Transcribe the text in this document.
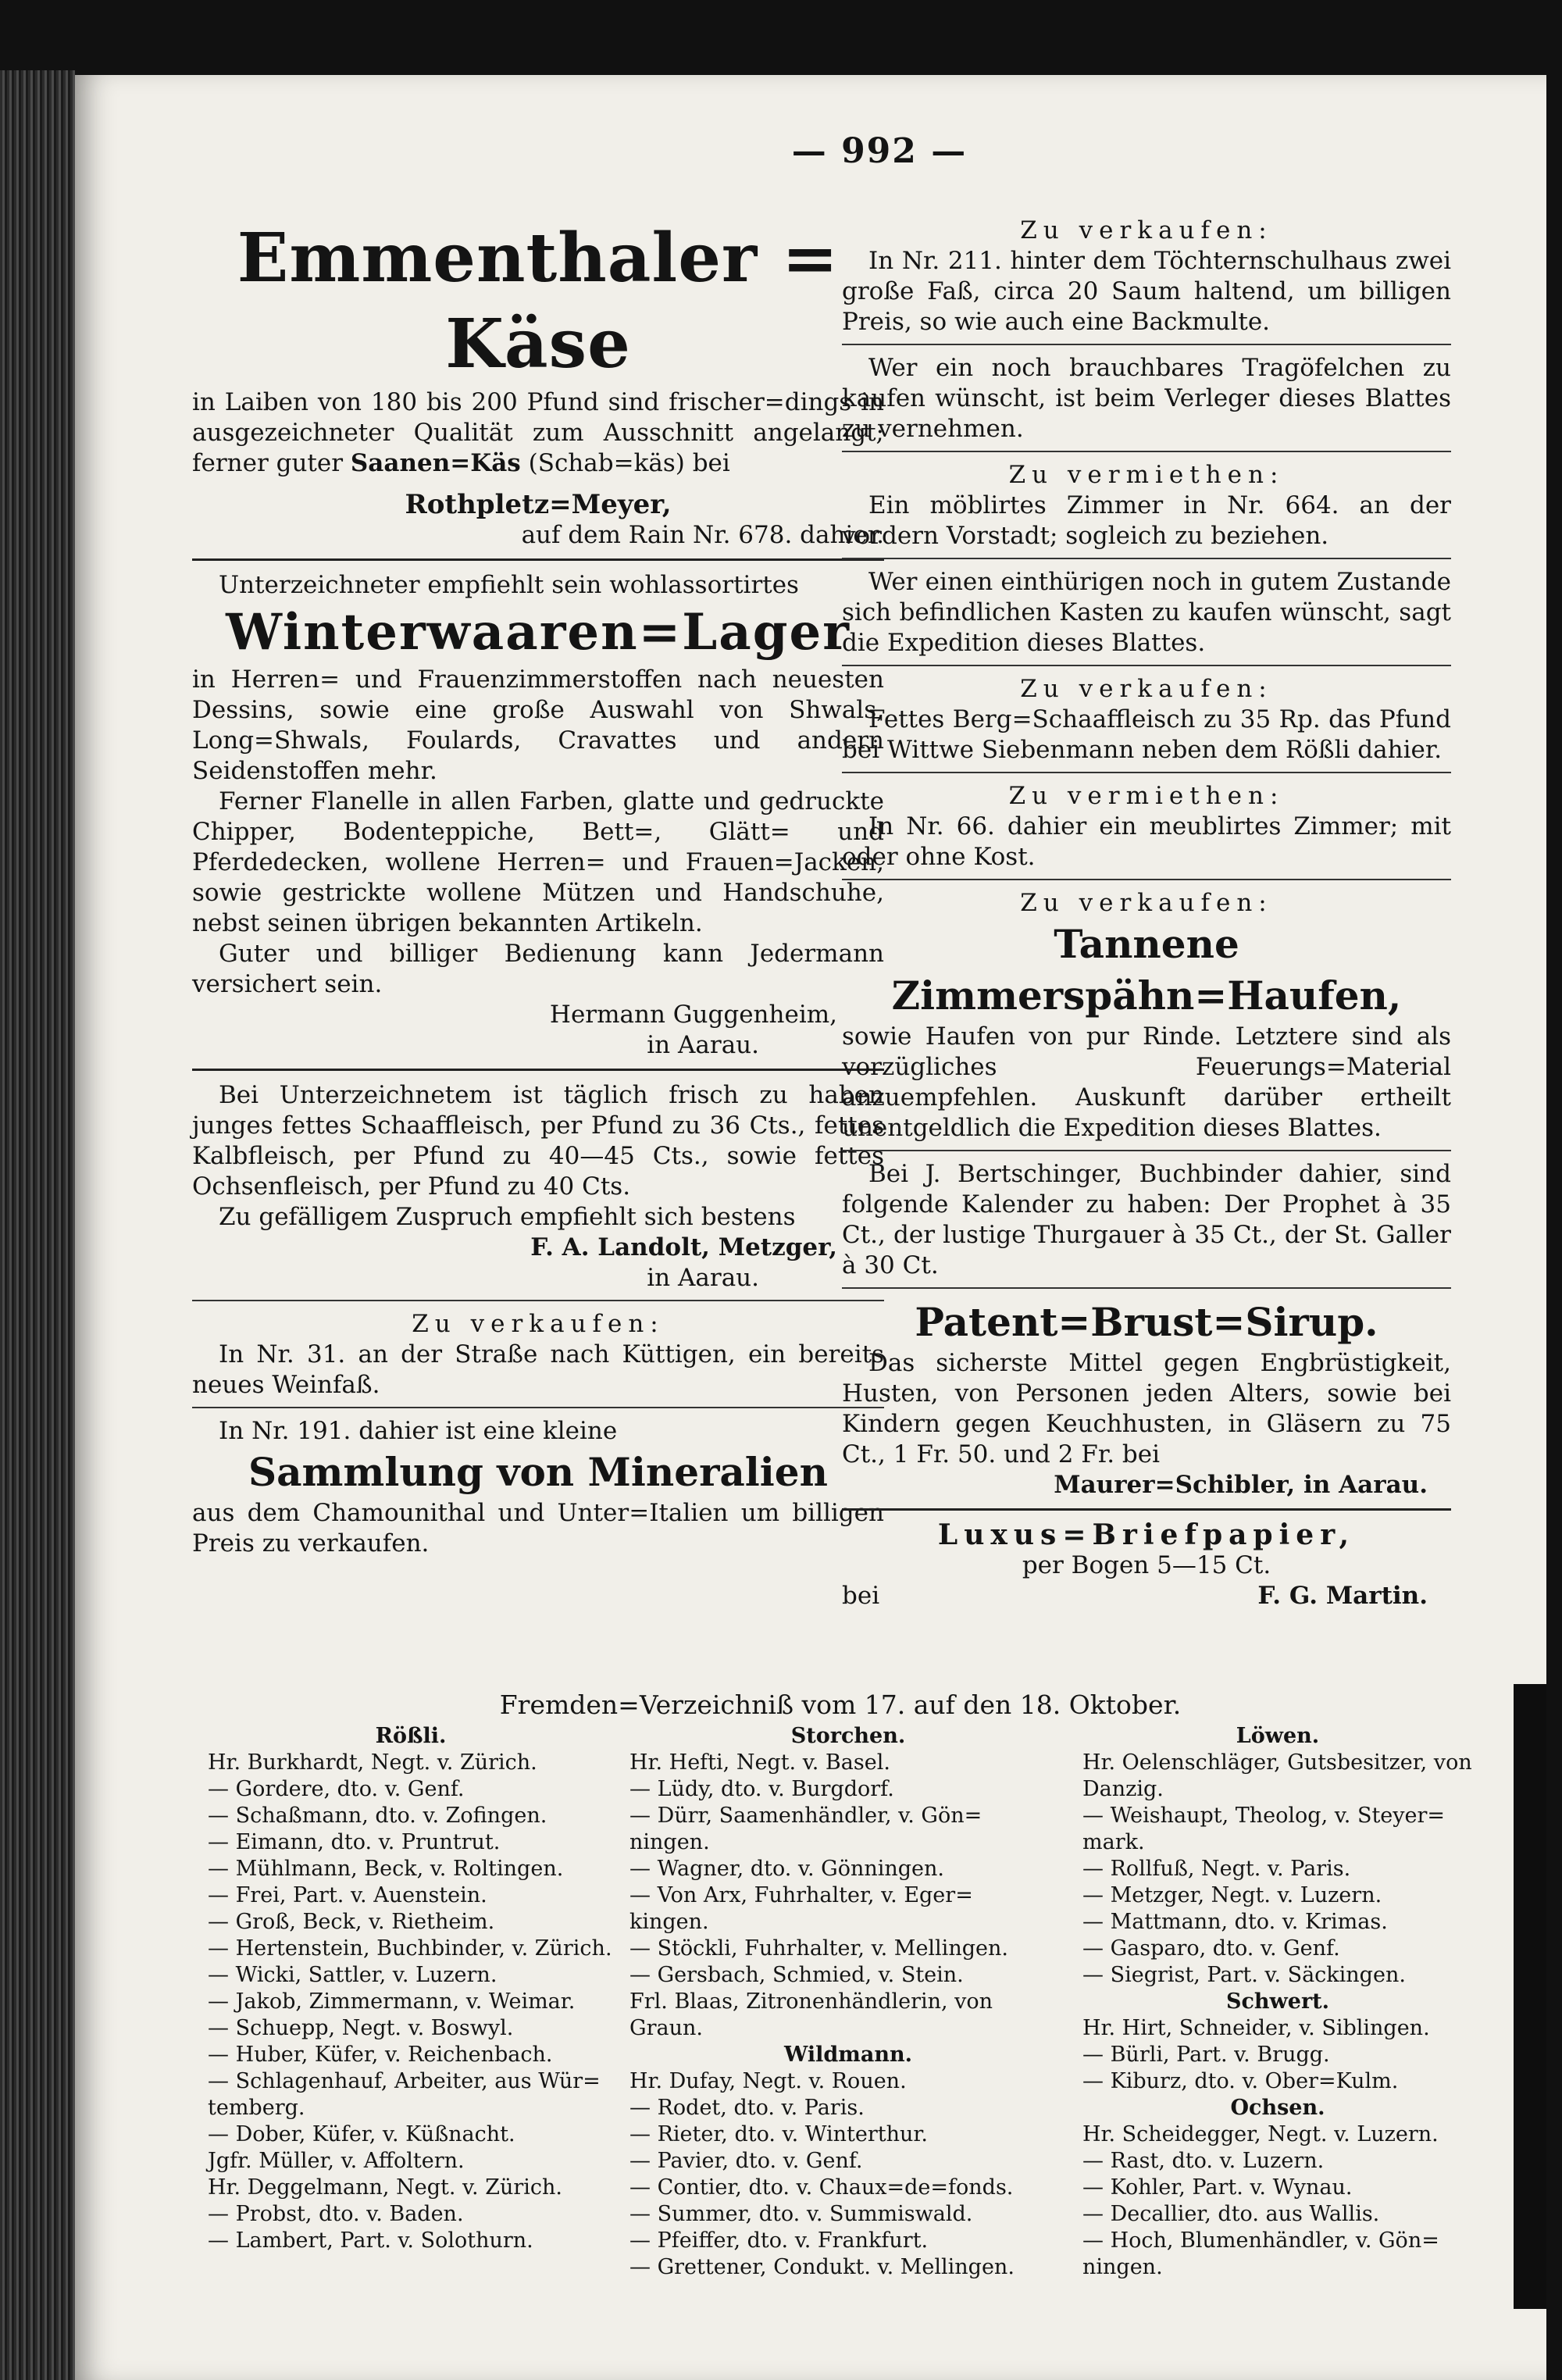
— 992 —
Emmenthaler = Käse

in Laiben von 180 bis 200 Pfund sind frischer=dings in ausgezeichneter Qualität zum Ausschnitt angelangt; ferner guter Saanen=Käs (Schab=käs) bei

Rothpletz=Meyer,
auf dem Rain Nr. 678. dahier.
Unterzeichneter empfiehlt sein wohlassortirtes
Winterwaaren=Lager

in Herren= und Frauenzimmerstoffen nach neuesten Dessins, sowie eine große Auswahl von Shwals, Long=Shwals, Foulards, Cravattes und andern Seidenstoffen mehr.

Ferner Flanelle in allen Farben, glatte und gedruckte Chipper, Bodenteppiche, Bett=, Glätt= und Pferdedecken, wollene Herren= und Frauen=Jacken, sowie gestrickte wollene Mützen und Handschuhe, nebst seinen übrigen bekannten Artikeln.

Guter und billiger Bedienung kann Jedermann versichert sein.

Hermann Guggenheim,
in Aarau.

Bei Unterzeichnetem ist täglich frisch zu haben junges fettes Schaaffleisch, per Pfund zu 36 Cts., fettes Kalbfleisch, per Pfund zu 40—45 Cts., sowie fettes Ochsenfleisch, per Pfund zu 40 Cts.

Zu gefälligem Zuspruch empfiehlt sich bestens

F. A. Landolt, Metzger,
in Aarau.
Zu verkaufen:

In Nr. 31. an der Straße nach Küttigen, ein bereits neues Weinfaß.

In Nr. 191. dahier ist eine kleine
Sammlung von Mineralien

aus dem Chamounithal und Unter=Italien um billigen Preis zu verkaufen.

Zu verkaufen:

In Nr. 211. hinter dem Töchternschulhaus zwei große Faß, circa 20 Saum haltend, um billigen Preis, so wie auch eine Backmulte.

Wer ein noch brauchbares Tragöfelchen zu kaufen wünscht, ist beim Verleger dieses Blattes zu vernehmen.

Zu vermiethen:

Ein möblirtes Zimmer in Nr. 664. an der vordern Vorstadt; sogleich zu beziehen.

Wer einen einthürigen noch in gutem Zustande sich befindlichen Kasten zu kaufen wünscht, sagt die Expedition dieses Blattes.

Zu verkaufen:

Fettes Berg=Schaaffleisch zu 35 Rp. das Pfund bei Wittwe Siebenmann neben dem Rößli dahier.

Zu vermiethen:

In Nr. 66. dahier ein meublirtes Zimmer; mit oder ohne Kost.

Zu verkaufen:
Tannene Zimmerspähn=Haufen,

sowie Haufen von pur Rinde. Letztere sind als vorzügliches Feuerungs=Material anzuempfehlen. Auskunft darüber ertheilt unentgeldlich die Expedition dieses Blattes.

Bei J. Bertschinger, Buchbinder dahier, sind folgende Kalender zu haben: Der Prophet à 35 Ct., der lustige Thurgauer à 35 Ct., der St. Galler à 30 Ct.

Patent=Brust=Sirup.

Das sicherste Mittel gegen Engbrüstigkeit, Husten, von Personen jeden Alters, sowie bei Kindern gegen Keuchhusten, in Gläsern zu 75 Ct., 1 Fr. 50. und 2 Fr. bei

Maurer=Schibler, in Aarau.
Luxus=Briefpapier,
per Bogen 5—15 Ct.
bei	F. G. Martin.
Fremden=Verzeichniß vom 17. auf den 18. Oktober.
Rößli.
Hr. Burkhardt, Negt. v. Zürich.
— Gordere, dto. v. Genf.
— Schaßmann, dto. v. Zofingen.
— Eimann, dto. v. Pruntrut.
— Mühlmann, Beck, v. Roltingen.
— Frei, Part. v. Auenstein.
— Groß, Beck, v. Rietheim.
— Hertenstein, Buchbinder, v. Zürich.
— Wicki, Sattler, v. Luzern.
— Jakob, Zimmermann, v. Weimar.
— Schuepp, Negt. v. Boswyl.
— Huber, Küfer, v. Reichenbach.
— Schlagenhauf, Arbeiter, aus Wür=
temberg.
— Dober, Küfer, v. Küßnacht.
Jgfr. Müller, v. Affoltern.
Hr. Deggelmann, Negt. v. Zürich.
— Probst, dto. v. Baden.
— Lambert, Part. v. Solothurn.
Storchen.
Hr. Hefti, Negt. v. Basel.
— Lüdy, dto. v. Burgdorf.
— Dürr, Saamenhändler, v. Gön=
ningen.
— Wagner, dto. v. Gönningen.
— Von Arx, Fuhrhalter, v. Eger=
kingen.
— Stöckli, Fuhrhalter, v. Mellingen.
— Gersbach, Schmied, v. Stein.
Frl. Blaas, Zitronenhändlerin, von
Graun.
Wildmann.
Hr. Dufay, Negt. v. Rouen.
— Rodet, dto. v. Paris.
— Rieter, dto. v. Winterthur.
— Pavier, dto. v. Genf.
— Contier, dto. v. Chaux=de=fonds.
— Summer, dto. v. Summiswald.
— Pfeiffer, dto. v. Frankfurt.
— Grettener, Condukt. v. Mellingen.
Löwen.
Hr. Oelenschläger, Gutsbesitzer, von
Danzig.
— Weishaupt, Theolog, v. Steyer=
mark.
— Rollfuß, Negt. v. Paris.
— Metzger, Negt. v. Luzern.
— Mattmann, dto. v. Krimas.
— Gasparo, dto. v. Genf.
— Siegrist, Part. v. Säckingen.
Schwert.
Hr. Hirt, Schneider, v. Siblingen.
— Bürli, Part. v. Brugg.
— Kiburz, dto. v. Ober=Kulm.
Ochsen.
Hr. Scheidegger, Negt. v. Luzern.
— Rast, dto. v. Luzern.
— Kohler, Part. v. Wynau.
— Decallier, dto. aus Wallis.
— Hoch, Blumenhändler, v. Gön=
ningen.
